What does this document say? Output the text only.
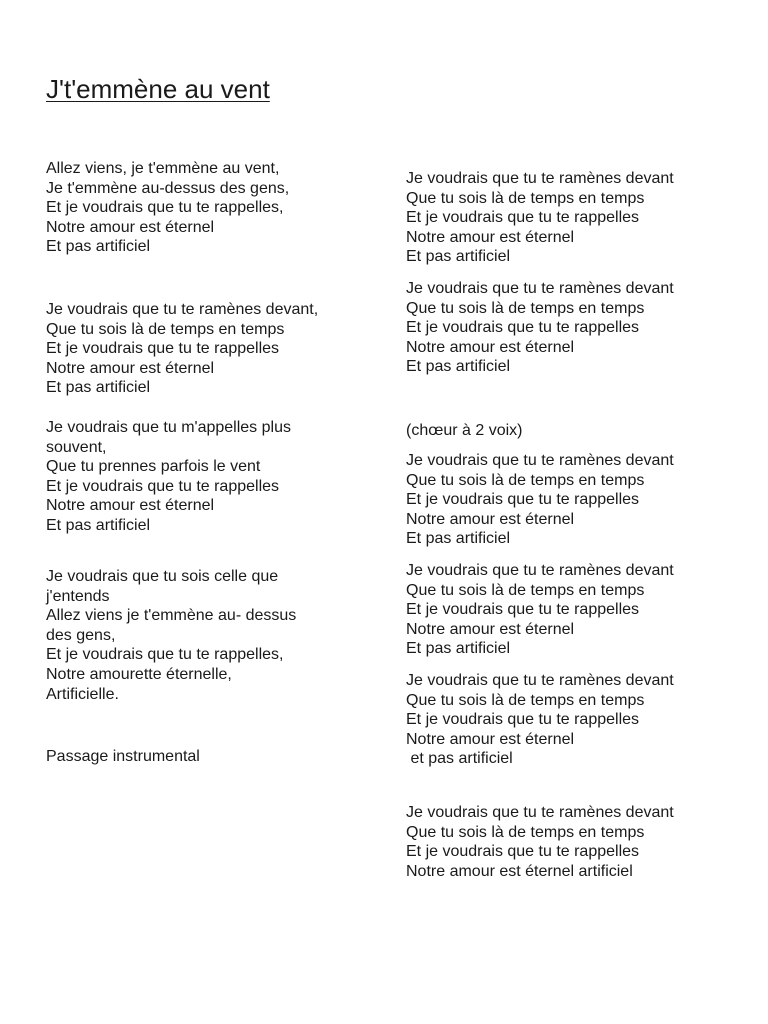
J't'emmène au vent

Allez viens, je t'emmène au vent,
Je t'emmène au-dessus des gens,
Et je voudrais que tu te rappelles,
Notre amour est éternel
Et pas artificiel

Je voudrais que tu te ramènes devant,
Que tu sois là de temps en temps
Et je voudrais que tu te rappelles
Notre amour est éternel
Et pas artificiel

Je voudrais que tu m'appelles plus
souvent,
Que tu prennes parfois le vent
Et je voudrais que tu te rappelles
Notre amour est éternel
Et pas artificiel

Je voudrais que tu sois celle que
j'entends
Allez viens je t'emmène au- dessus
des gens,
Et je voudrais que tu te rappelles,
Notre amourette éternelle,
Artificielle.

Passage instrumental

Je voudrais que tu te ramènes devant
Que tu sois là de temps en temps
Et je voudrais que tu te rappelles
Notre amour est éternel
Et pas artificiel

Je voudrais que tu te ramènes devant
Que tu sois là de temps en temps
Et je voudrais que tu te rappelles
Notre amour est éternel
Et pas artificiel

(chœur à 2 voix)

Je voudrais que tu te ramènes devant
Que tu sois là de temps en temps
Et je voudrais que tu te rappelles
Notre amour est éternel
Et pas artificiel

Je voudrais que tu te ramènes devant
Que tu sois là de temps en temps
Et je voudrais que tu te rappelles
Notre amour est éternel
Et pas artificiel

Je voudrais que tu te ramènes devant
Que tu sois là de temps en temps
Et je voudrais que tu te rappelles
Notre amour est éternel
et pas artificiel

Je voudrais que tu te ramènes devant
Que tu sois là de temps en temps
Et je voudrais que tu te rappelles
Notre amour est éternel artificiel
